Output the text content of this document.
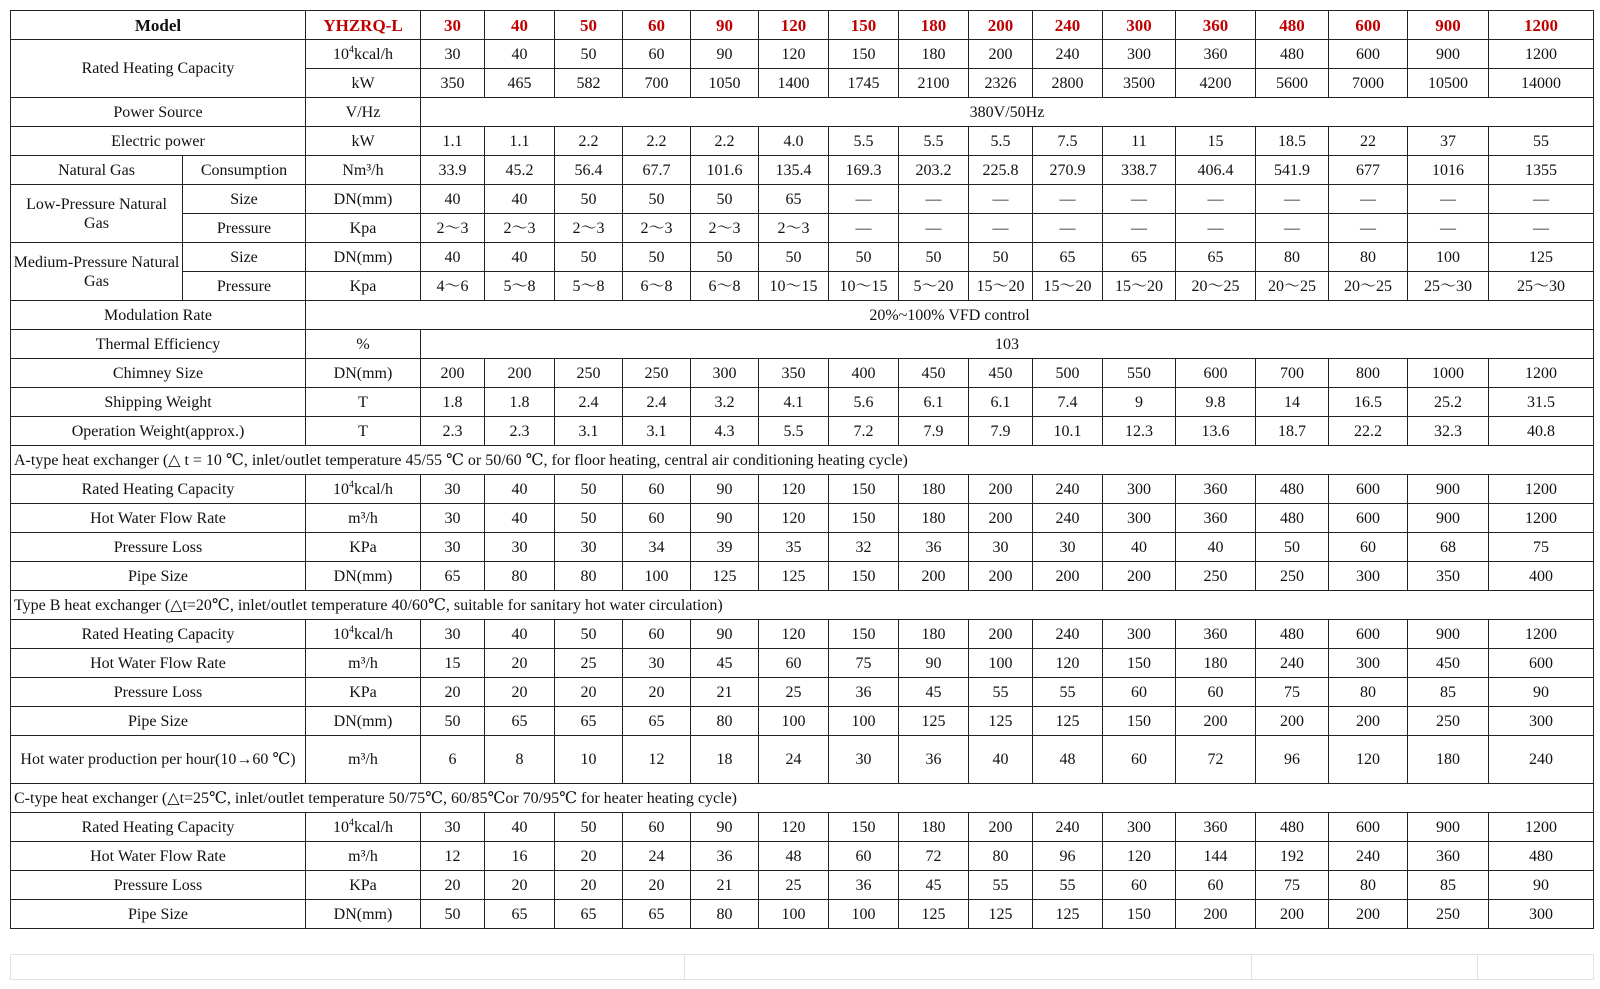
Model		YHZRQ-L	30	40	50	60	90	120	150	180	200	240	300	360	480	600	900	1200
Rated Heating Capacity		$10^4kcal/h$	30	40	50	60	90	120	150	180	200	240	300	360	480	600	900	1200
		kW	350	465	582	700	1050	1400	1745	2100	2326	2800	3500	4200	5600	7000	10500	14000
Power Source		V/Hz	380V/50Hz															
Electric power		kW	1.1	1.1	2.2	2.2	2.2	4.0	5.5	5.5	5.5	7.5	11	15	18.5	22	37	55
Natural Gas	Consumption	Nm³/h	33.9	45.2	56.4	67.7	101.6	135.4	169.3	203.2	225.8	270.9	338.7	406.4	541.9	677	1016	1355
Low-Pressure Natural Gas	Size	DN(mm)	40	40	50	50	50	65	—	—	—	—	—	—	—	—	—	—
	Pressure	Kpa	2～3	2～3	2～3	2～3	2～3	2～3	—	—	—	—	—	—	—	—	—	—
Medium-Pressure Natural Gas	Size	DN(mm)	40	40	50	50	50	50	50	50	50	65	65	65	80	80	100	125
	Pressure	Kpa	4～6	5～8	5～8	6～8	6～8	10～15	10～15	5～20	15～20	15～20	15～20	20～25	20～25	20～25	25～30	25～30
Modulation Rate		20%~100% VFD control																
Thermal Efficiency		%	103															
Chimney Size		DN(mm)	200	200	250	250	300	350	400	450	450	500	550	600	700	800	1000	1200
Shipping Weight		T	1.8	1.8	2.4	2.4	3.2	4.1	5.6	6.1	6.1	7.4	9	9.8	14	16.5	25.2	31.5
Operation Weight(approx.)		T	2.3	2.3	3.1	3.1	4.3	5.5	7.2	7.9	7.9	10.1	12.3	13.6	18.7	22.2	32.3	40.8
A-type heat exchanger (△ t = 10 ℃, inlet/outlet temperature 45/55 ℃ or 50/60 ℃, for floor heating, central air conditioning heating cycle)																		
Rated Heating Capacity		$10^4kcal/h$	30	40	50	60	90	120	150	180	200	240	300	360	480	600	900	1200
Hot Water Flow Rate		m³/h	30	40	50	60	90	120	150	180	200	240	300	360	480	600	900	1200
Pressure Loss		KPa	30	30	30	34	39	35	32	36	30	30	40	40	50	60	68	75
Pipe Size		DN(mm)	65	80	80	100	125	125	150	200	200	200	200	250	250	300	350	400
Type B heat exchanger (△t=20℃, inlet/outlet temperature 40/60℃, suitable for sanitary hot water circulation)																		
Rated Heating Capacity		$10^4kcal/h$	30	40	50	60	90	120	150	180	200	240	300	360	480	600	900	1200
Hot Water Flow Rate		m³/h	15	20	25	30	45	60	75	90	100	120	150	180	240	300	450	600
Pressure Loss		KPa	20	20	20	20	21	25	36	45	55	55	60	60	75	80	85	90
Pipe Size		DN(mm)	50	65	65	65	80	100	100	125	125	125	150	200	200	200	250	300
Hot water production per hour(10→60 ℃)		m³/h	6	8	10	12	18	24	30	36	40	48	60	72	96	120	180	240
C-type heat exchanger (△t=25℃, inlet/outlet temperature 50/75℃, 60/85℃or 70/95℃ for heater heating cycle)																		
Rated Heating Capacity		$10^4kcal/h$	30	40	50	60	90	120	150	180	200	240	300	360	480	600	900	1200
Hot Water Flow Rate		m³/h	12	16	20	24	36	48	60	72	80	96	120	144	192	240	360	480
Pressure Loss		KPa	20	20	20	20	21	25	36	45	55	55	60	60	75	80	85	90
Pipe Size		DN(mm)	50	65	65	65	80	100	100	125	125	125	150	200	200	200	250	300
